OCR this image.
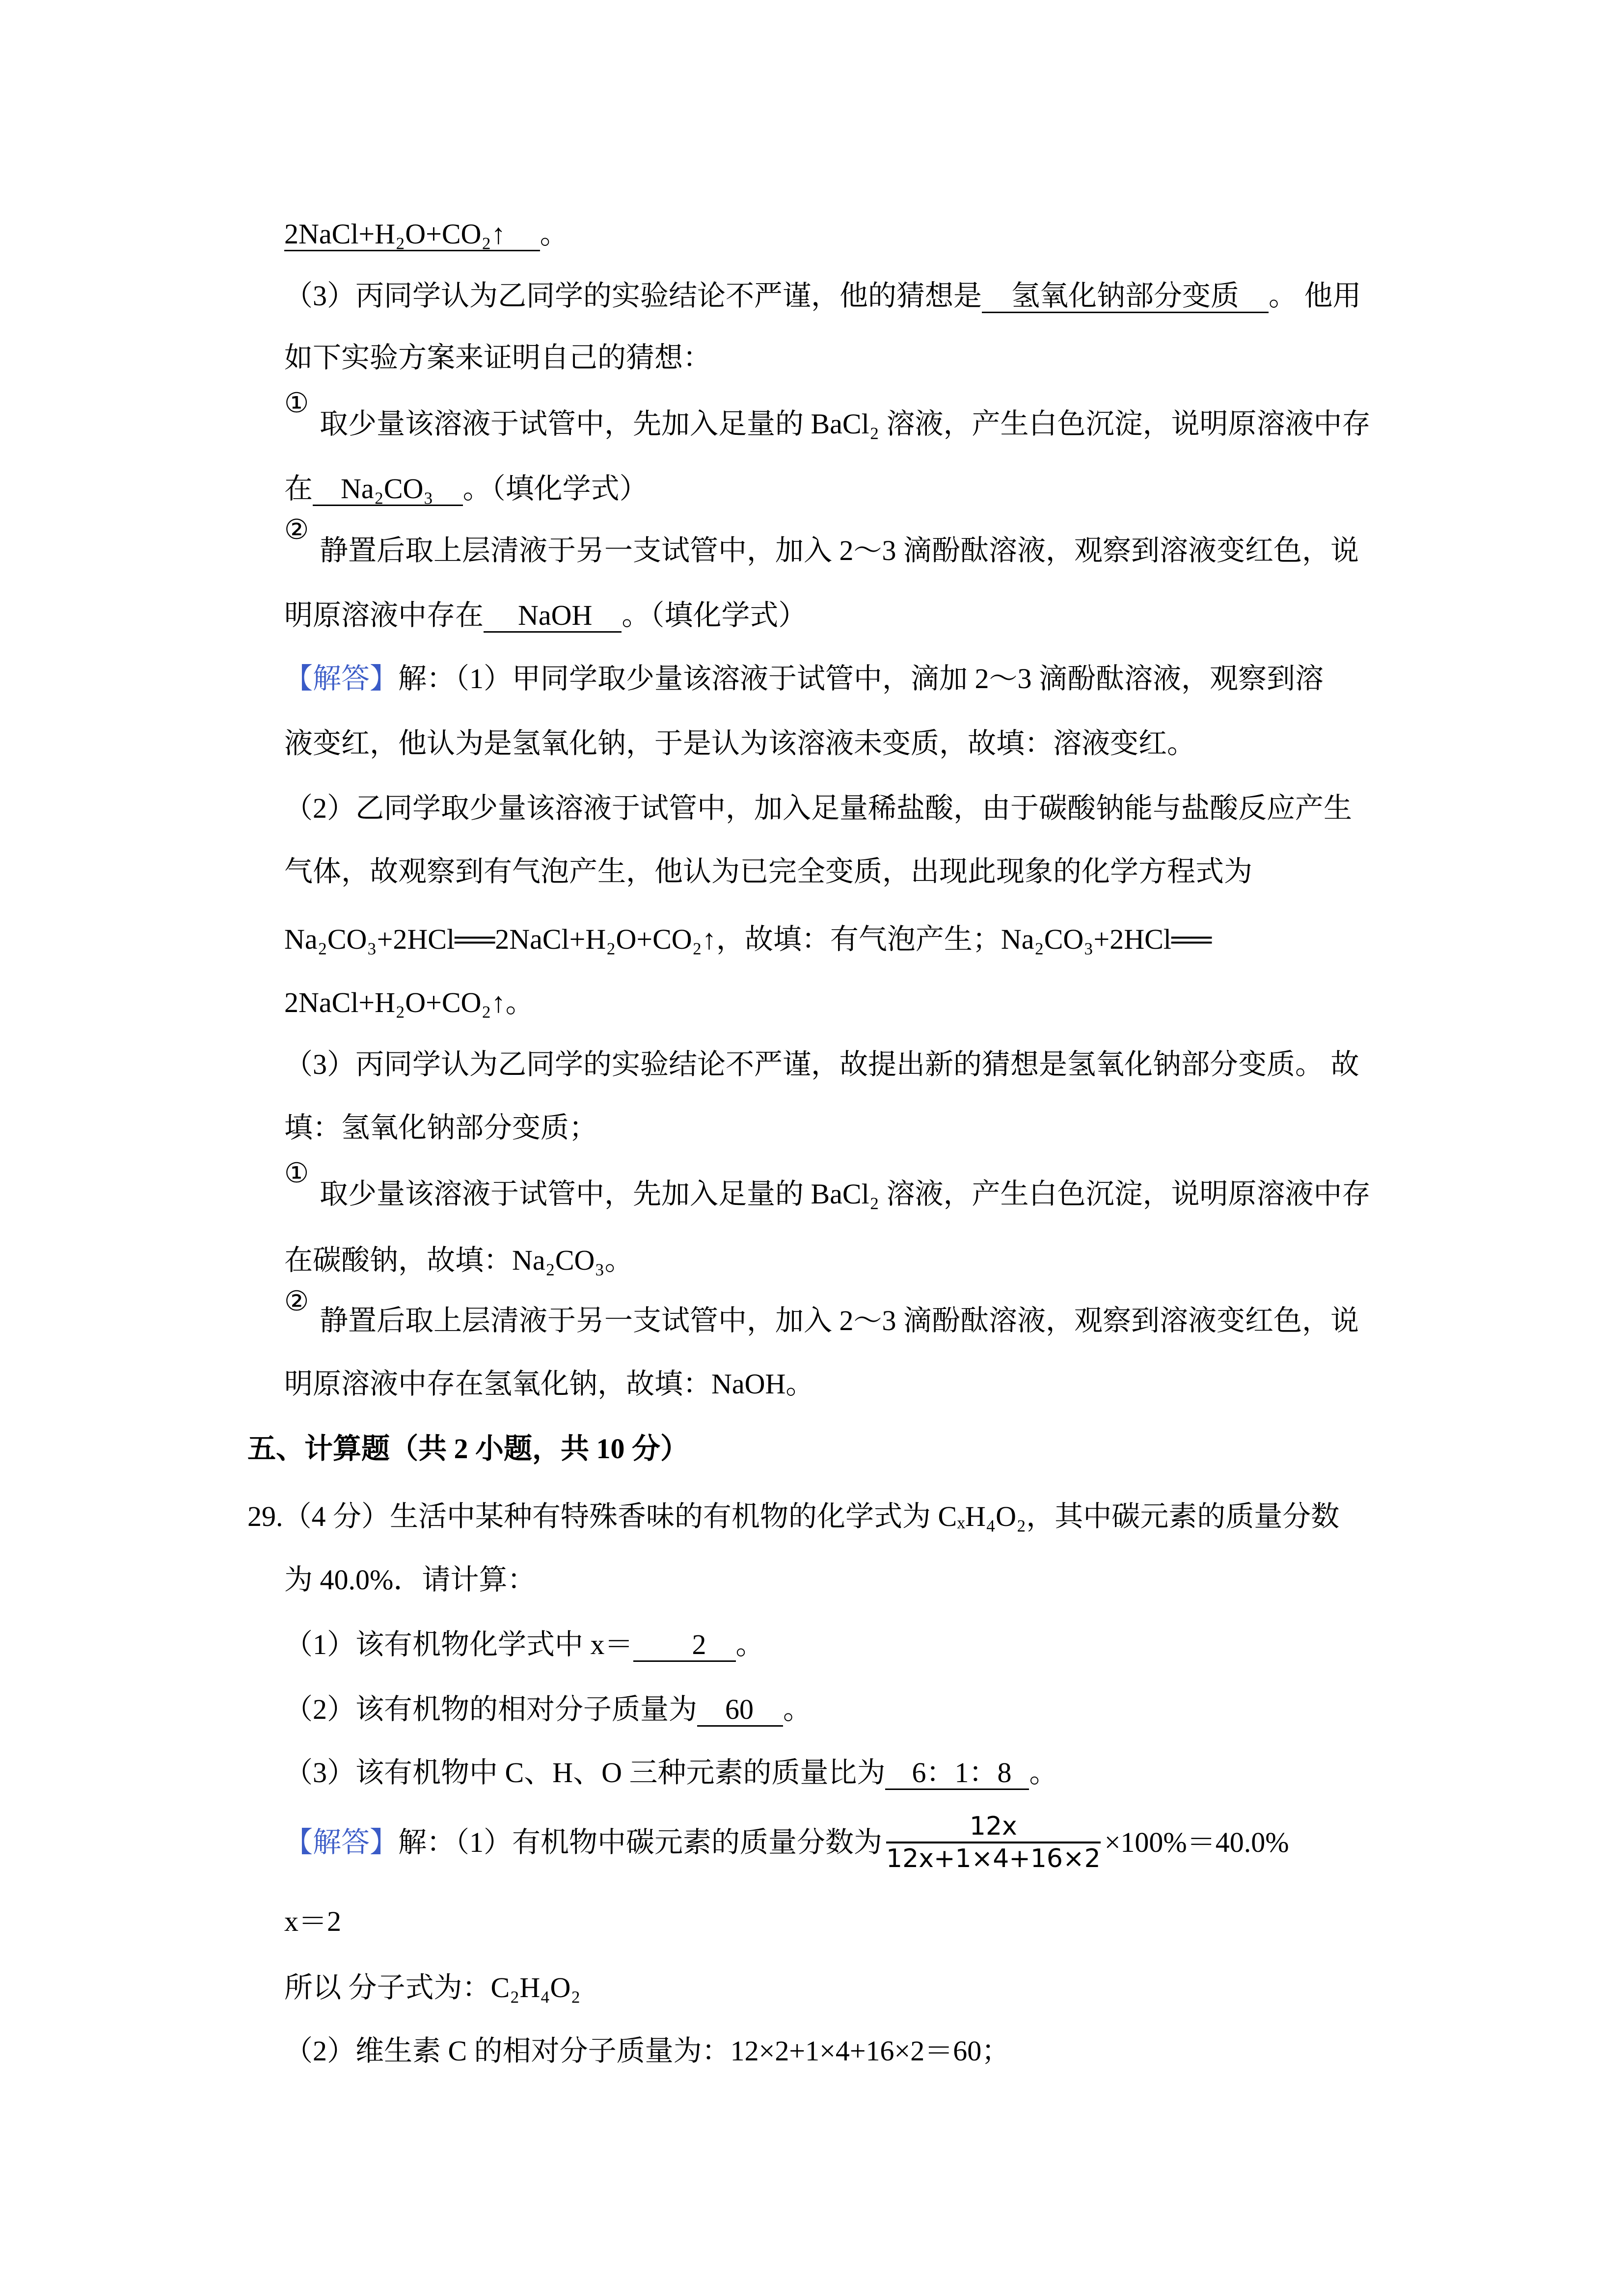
2NaCl+H₂O+CO₂↑ 。
（3）丙同学认为乙同学的实验结论不严谨，他的猜想是 氢氧化钠部分变质 。 他用
如下实验方案来证明自己的猜想：
①
取少量该溶液于试管中，先加入足量的 BaCl₂ 溶液，产生白色沉淀，说明原溶液中存
在 Na₂CO₃ 。（填化学式）
②
静置后取上层清液于另一支试管中，加入 2～3 滴酚酞溶液，观察到溶液变红色，说
明原溶液中存在 NaOH 。（填化学式）
【解答】解：（1）甲同学取少量该溶液于试管中，滴加 2～3 滴酚酞溶液，观察到溶
液变红，他认为是氢氧化钠，于是认为该溶液未变质，故填：溶液变红。
（2）乙同学取少量该溶液于试管中，加入足量稀盐酸，由于碳酸钠能与盐酸反应产生
气体，故观察到有气泡产生，他认为已完全变质，出现此现象的化学方程式为
Na₂CO₃+2HCl══2NaCl+H₂O+CO₂↑，故填：有气泡产生；Na₂CO₃+2HCl══
2NaCl+H₂O+CO₂↑。
（3）丙同学认为乙同学的实验结论不严谨，故提出新的猜想是氢氧化钠部分变质。 故
填：氢氧化钠部分变质；
①
取少量该溶液于试管中，先加入足量的 BaCl₂ 溶液，产生白色沉淀，说明原溶液中存
在碳酸钠，故填：Na₂CO₃。
②
静置后取上层清液于另一支试管中，加入 2～3 滴酚酞溶液，观察到溶液变红色，说
明原溶液中存在氢氧化钠，故填：NaOH。
五、计算题（共 2 小题，共 10 分）
29.（4 分）生活中某种有特殊香味的有机物的化学式为 CₓH₄O₂，其中碳元素的质量分数
为 40.0%．请计算：
（1）该有机物化学式中 x＝ 2 。
（2）该有机物的相对分子质量为 60 。
（3）该有机物中 C、H、O 三种元素的质量比为 6：1：8 。
【解答】 解：（1）有机物中碳元素的质量分数为 $\frac{12x}{12x+1\times 4+16\times 2} \times 100\%=40.0\%$
x＝2
所以 分子式为：C₂H₄O₂
（2）维生素 C 的相对分子质量为：12×2+1×4+16×2＝60；
